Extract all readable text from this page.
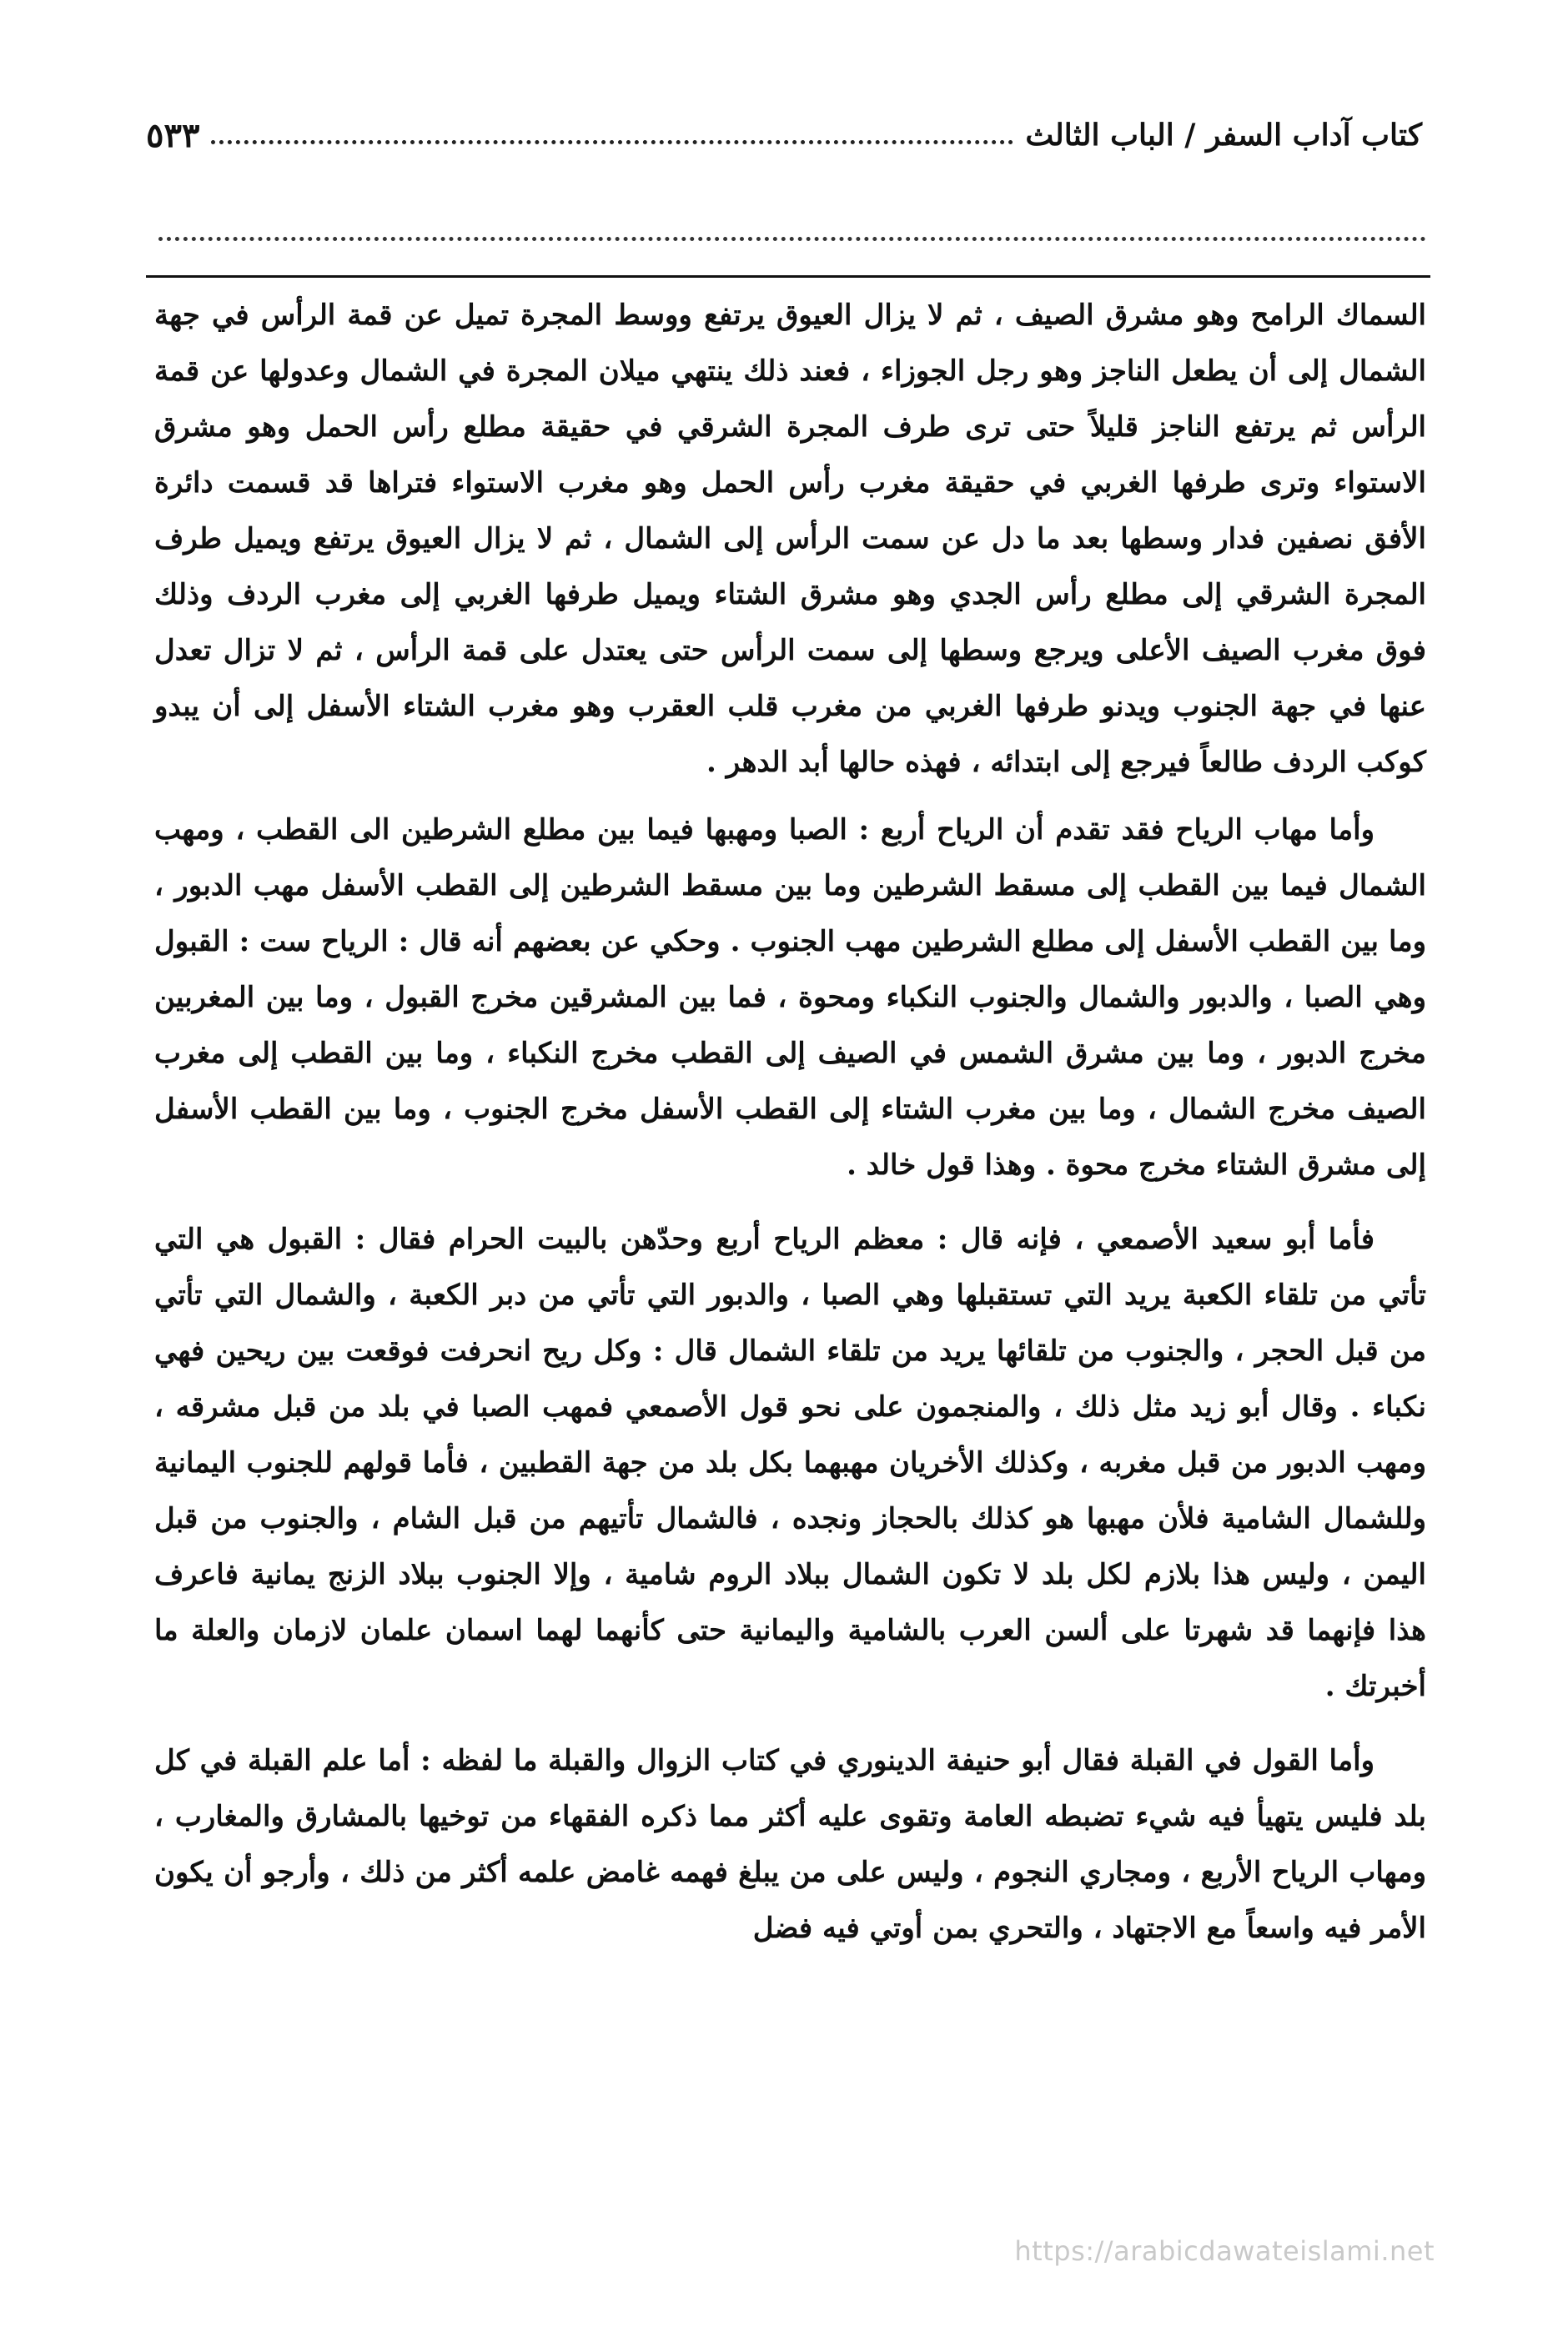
كتاب آداب السفر / الباب الثالث
٥٣٣

السماك الرامح وهو مشرق الصيف ، ثم لا يزال العيوق يرتفع ووسط المجرة تميل عن قمة الرأس في جهة الشمال إلى أن يطعل الناجز وهو رجل الجوزاء ، فعند ذلك ينتهي ميلان المجرة في الشمال وعدولها عن قمة الرأس ثم يرتفع الناجز قليلاً حتى ترى طرف المجرة الشرقي في حقيقة مطلع رأس الحمل وهو مشرق الاستواء وترى طرفها الغربي في حقيقة مغرب رأس الحمل وهو مغرب الاستواء فتراها قد قسمت دائرة الأفق نصفين فدار وسطها بعد ما دل عن سمت الرأس إلى الشمال ، ثم لا يزال العيوق يرتفع ويميل طرف المجرة الشرقي إلى مطلع رأس الجدي وهو مشرق الشتاء ويميل طرفها الغربي إلى مغرب الردف وذلك فوق مغرب الصيف الأعلى ويرجع وسطها إلى سمت الرأس حتى يعتدل على قمة الرأس ، ثم لا تزال تعدل عنها في جهة الجنوب ويدنو طرفها الغربي من مغرب قلب العقرب وهو مغرب الشتاء الأسفل إلى أن يبدو كوكب الردف طالعاً فيرجع إلى ابتدائه ، فهذه حالها أبد الدهر .

وأما مهاب الرياح فقد تقدم أن الرياح أربع : الصبا ومهبها فيما بين مطلع الشرطين الى القطب ، ومهب الشمال فيما بين القطب إلى مسقط الشرطين وما بين مسقط الشرطين إلى القطب الأسفل مهب الدبور ، وما بين القطب الأسفل إلى مطلع الشرطين مهب الجنوب . وحكي عن بعضهم أنه قال : الرياح ست : القبول وهي الصبا ، والدبور والشمال والجنوب النكباء ومحوة ، فما بين المشرقين مخرج القبول ، وما بين المغربين مخرج الدبور ، وما بين مشرق الشمس في الصيف إلى القطب مخرج النكباء ، وما بين القطب إلى مغرب الصيف مخرج الشمال ، وما بين مغرب الشتاء إلى القطب الأسفل مخرج الجنوب ، وما بين القطب الأسفل إلى مشرق الشتاء مخرج محوة . وهذا قول خالد .

فأما أبو سعيد الأصمعي ، فإنه قال : معظم الرياح أربع وحدّهن بالبيت الحرام فقال : القبول هي التي تأتي من تلقاء الكعبة يريد التي تستقبلها وهي الصبا ، والدبور التي تأتي من دبر الكعبة ، والشمال التي تأتي من قبل الحجر ، والجنوب من تلقائها يريد من تلقاء الشمال قال : وكل ريح انحرفت فوقعت بين ريحين فهي نكباء . وقال أبو زيد مثل ذلك ، والمنجمون على نحو قول الأصمعي فمهب الصبا في بلد من قبل مشرقه ، ومهب الدبور من قبل مغربه ، وكذلك الأخريان مهبهما بكل بلد من جهة القطبين ، فأما قولهم للجنوب اليمانية وللشمال الشامية فلأن مهبها هو كذلك بالحجاز ونجده ، فالشمال تأتيهم من قبل الشام ، والجنوب من قبل اليمن ، وليس هذا بلازم لكل بلد لا تكون الشمال ببلاد الروم شامية ، وإلا الجنوب ببلاد الزنج يمانية فاعرف هذا فإنهما قد شهرتا على ألسن العرب بالشامية واليمانية حتى كأنهما لهما اسمان علمان لازمان والعلة ما أخبرتك .

وأما القول في القبلة فقال أبو حنيفة الدينوري في كتاب الزوال والقبلة ما لفظه : أما علم القبلة في كل بلد فليس يتهيأ فيه شيء تضبطه العامة وتقوى عليه أكثر مما ذكره الفقهاء من توخيها بالمشارق والمغارب ، ومهاب الرياح الأربع ، ومجاري النجوم ، وليس على من يبلغ فهمه غامض علمه أكثر من ذلك ، وأرجو أن يكون الأمر فيه واسعاً مع الاجتهاد ، والتحري بمن أوتي فيه فضل

https://arabicdawateislami.net
